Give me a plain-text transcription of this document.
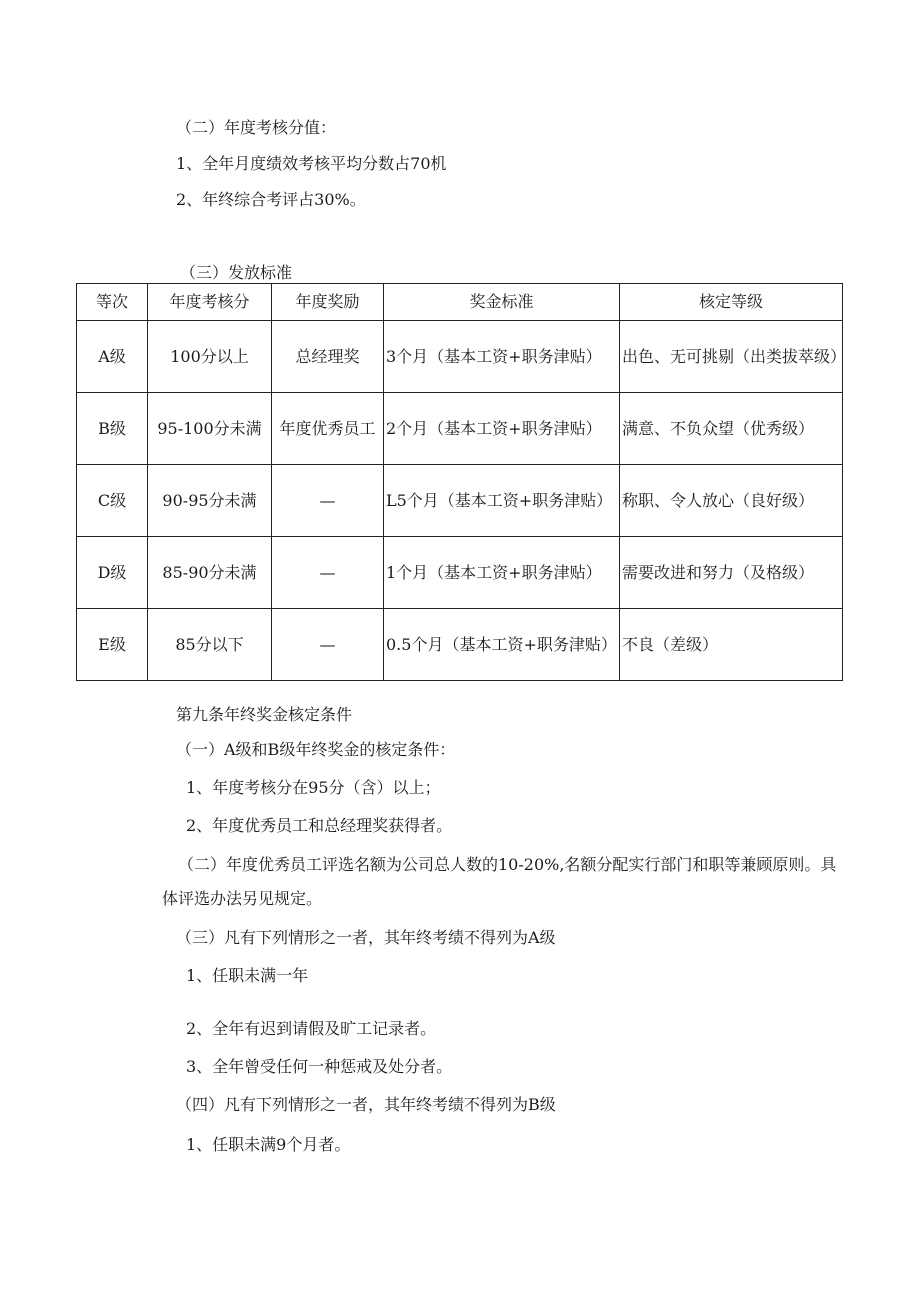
（二）年度考核分值：
1、全年月度绩效考核平均分数占70机
2、年终综合考评占30%。
（三）发放标准
等次	年度考核分	年度奖励	奖金标准	核定等级
A级	100分以上	总经理奖	3个月（基本工资+职务津贴）	出色、无可挑剔（出类拔萃级）
B级	95-100分未满	年度优秀员工	2个月（基本工资+职务津贴）	满意、不负众望（优秀级）
C级	90-95分未满	—	L5个月（基本工资+职务津贴）	称职、令人放心（良好级）
D级	85-90分未满	—	1个月（基本工资+职务津贴）	需要改进和努力（及格级）
E级	85分以下	—	0.5个月（基本工资+职务津贴）	不良（差级）
第九条年终奖金核定条件
（一）A级和B级年终奖金的核定条件：
1、年度考核分在95分（含）以上；
2、年度优秀员工和总经理奖获得者。
（二）年度优秀员工评选名额为公司总人数的10-20%,名额分配实行部门和职等兼顾原则。具体评选办法另见规定。
（三）凡有下列情形之一者，其年终考绩不得列为A级
1、任职未满一年
2、全年有迟到请假及旷工记录者。
3、全年曾受任何一种惩戒及处分者。
（四）凡有下列情形之一者，其年终考绩不得列为B级
1、任职未满9个月者。
